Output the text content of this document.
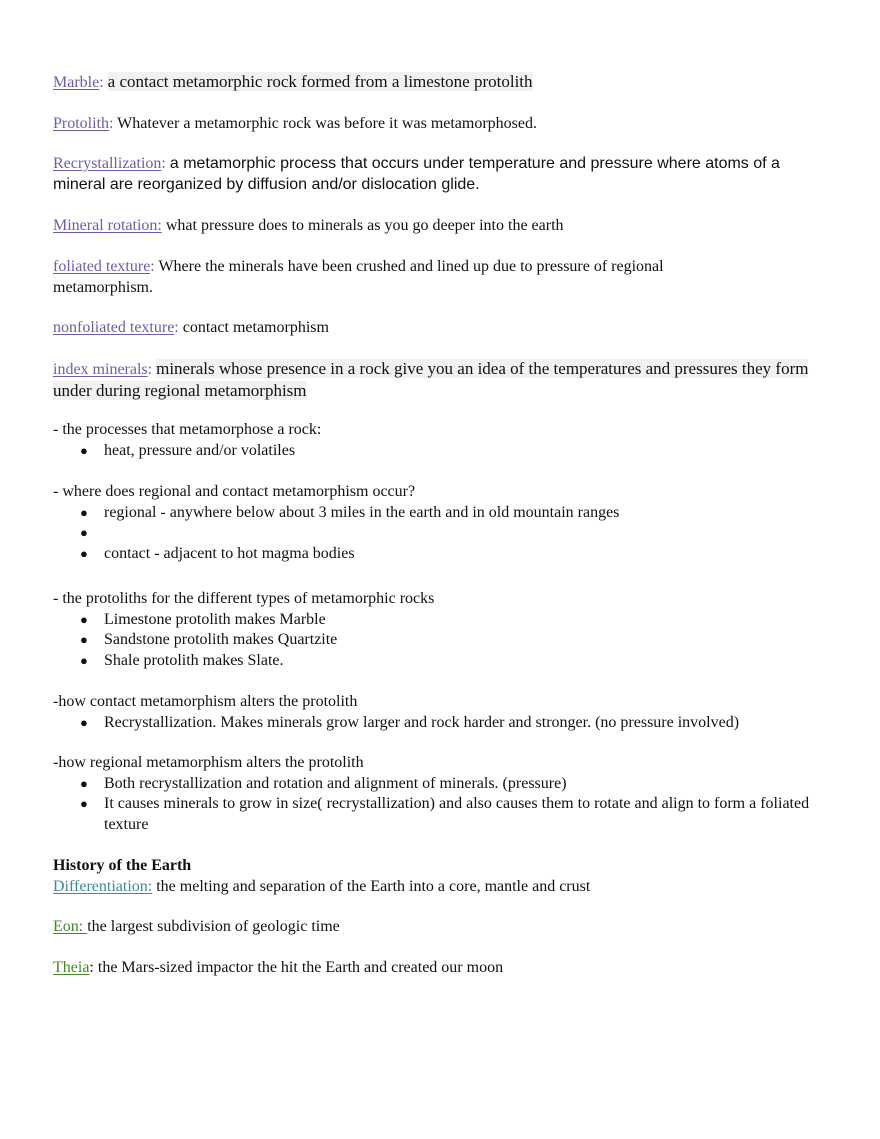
Marble: a contact metamorphic rock formed from a limestone protolith
Protolith: Whatever a metamorphic rock was before it was metamorphosed.
Recrystallization: a metamorphic process that occurs under temperature and pressure where atoms of a mineral are reorganized by diffusion and/or dislocation glide.
Mineral rotation: what pressure does to minerals as you go deeper into the earth
foliated texture: Where the minerals have been crushed and lined up due to pressure of regional metamorphism.
nonfoliated texture: contact metamorphism
index minerals: minerals whose presence in a rock give you an idea of the temperatures and pressures they form under during regional metamorphism
- the processes that metamorphose a rock:
● heat, pressure and/or volatiles
- where does regional and contact metamorphism occur?
● regional - anywhere below about 3 miles in the earth and in old mountain ranges
●
● contact - adjacent to hot magma bodies
- the protoliths for the different types of metamorphic rocks
● Limestone protolith makes Marble
● Sandstone protolith makes Quartzite
● Shale protolith makes Slate.
-how contact metamorphism alters the protolith
● Recrystallization. Makes minerals grow larger and rock harder and stronger. (no pressure involved)
-how regional metamorphism alters the protolith
● Both recrystallization and rotation and alignment of minerals. (pressure)
● It causes minerals to grow in size( recrystallization) and also causes them to rotate and align to form a foliated texture
History of the Earth
Differentiation: the melting and separation of the Earth into a core, mantle and crust
Eon: the largest subdivision of geologic time
Theia: the Mars-sized impactor the hit the Earth and created our moon
